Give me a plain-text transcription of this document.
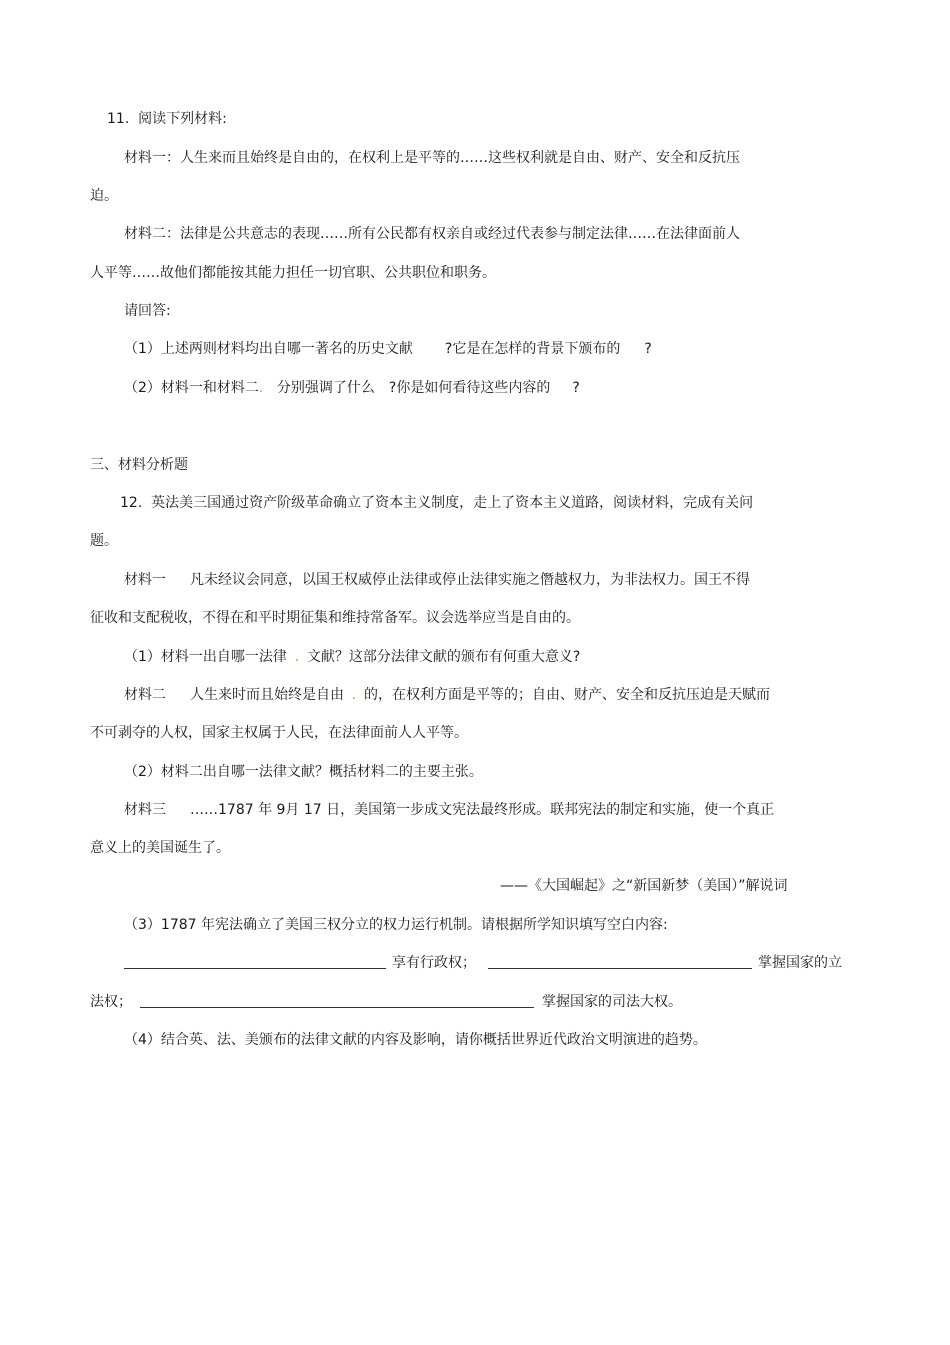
11.  阅读下列材料:
材料一：人生来而且始终是自由的，在权利上是平等的……这些权利就是自由、财产、安全和反抗压
迫。
材料二：法律是公共意志的表现……所有公民都有权亲自或经过代表参与制定法律……在法律面前人
人平等……故他们都能按其能力担任一切官职、公共职位和职务。
请回答:
（1）上述两则材料均出自哪一著名的历史文献 ?它是在怎样的背景下颁布的 ?
（2）材料一和材料二. 分别强调了什么 ?你是如何看待这些内容的 ?
三、材料分析题
12.  英法美三国通过资产阶级革命确立了资本主义制度，走上了资本主义道路，阅读材料，完成有关问
题。
材料一 凡未经议会同意，以国王权威停止法律或停止法律实施之僭越权力，为非法权力。国王不得
征收和支配税收，不得在和平时期征集和维持常备军。议会选举应当是自由的。
（1）材料一出自哪一法律 . 文献？这部分法律文献的颁布有何重大意义?
材料二 人生来时而且始终是自由 . 的，在权利方面是平等的；自由、财产、安全和反抗压迫是天赋而
不可剥夺的人权，国家主权属于人民，在法律面前人人平等。
（2）材料二出自哪一法律文献？概括材料二的主要主张。
材料三 ……1787 年 9月 17 日，美国第一步成文宪法最终形成。联邦宪法的制定和实施，使一个真正
意义上的美国诞生了。
——《大国崛起》之“新国新梦（美国）”解说词
（3）1787 年宪法确立了美国三权分立的权力运行机制。请根据所学知识填写空白内容:
享有行政权；	掌握国家的立
法权；	掌握国家的司法大权。
（4）结合英、法、美颁布的法律文献的内容及影响，请你概括世界近代政治文明演进的趋势。
